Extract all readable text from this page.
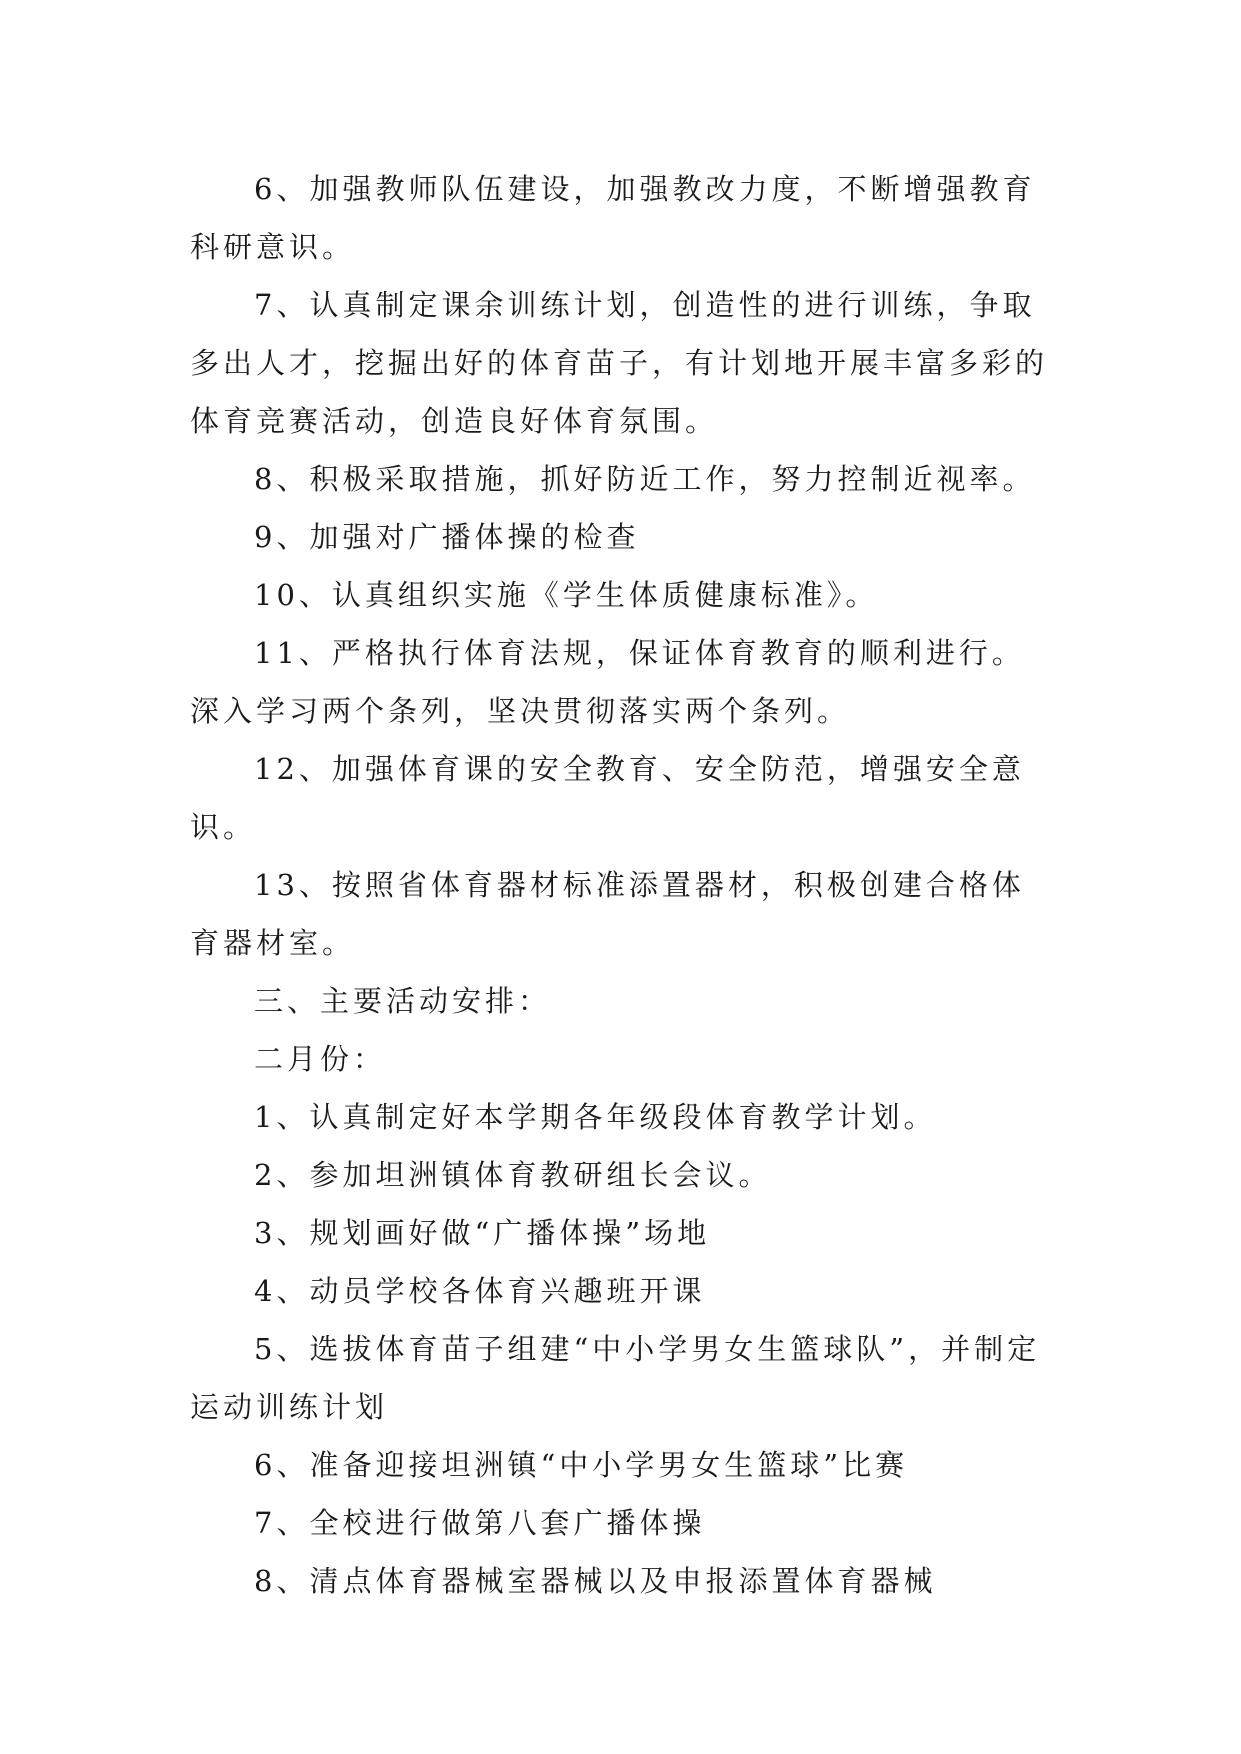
6、加强教师队伍建设，加强教改力度，不断增强教育科研意识。

7、认真制定课余训练计划，创造性的进行训练，争取多出人才，挖掘出好的体育苗子，有计划地开展丰富多彩的体育竞赛活动，创造良好体育氛围。

8、积极采取措施，抓好防近工作，努力控制近视率。

9、加强对广播体操的检查

10、认真组织实施《学生体质健康标准》。

11、严格执行体育法规，保证体育教育的顺利进行。深入学习两个条列，坚决贯彻落实两个条列。

12、加强体育课的安全教育、安全防范，增强安全意识。

13、按照省体育器材标准添置器材，积极创建合格体育器材室。

三、主要活动安排：

二月份：

1、认真制定好本学期各年级段体育教学计划。

2、参加坦洲镇体育教研组长会议。

3、规划画好做“广播体操”场地

4、动员学校各体育兴趣班开课

5、选拔体育苗子组建“中小学男女生篮球队”，并制定运动训练计划

6、准备迎接坦洲镇“中小学男女生篮球”比赛

7、全校进行做第八套广播体操

8、清点体育器械室器械以及申报添置体育器械
